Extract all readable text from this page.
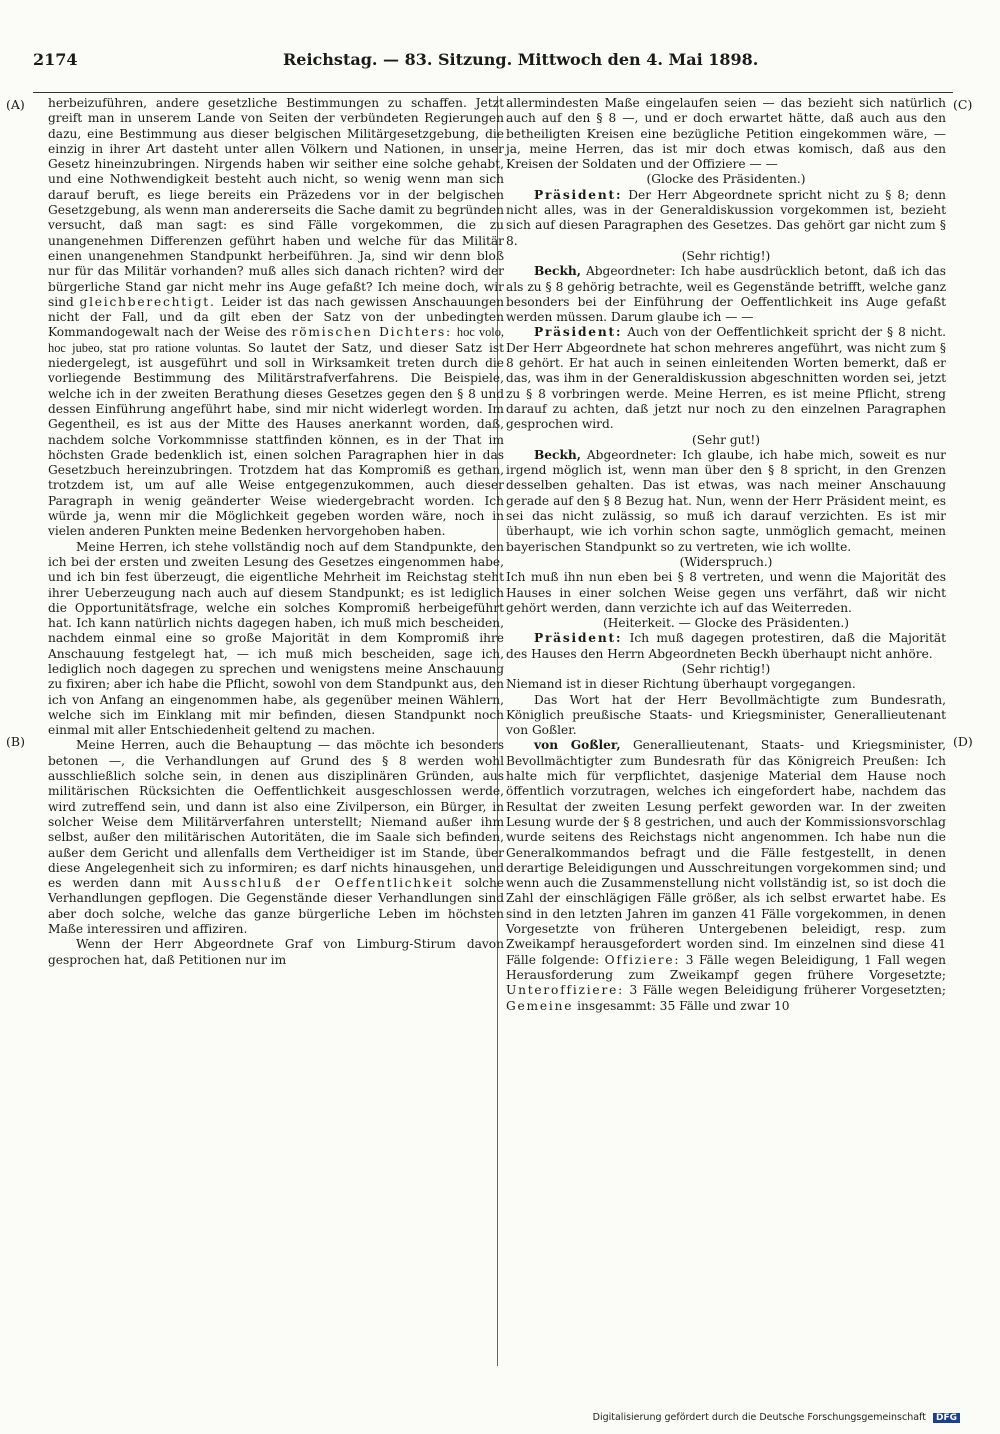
2174	Reichstag. — 83. Sitzung. Mittwoch den 4. Mai 1898.
(A)
(B)
(C)
(D)

herbeizuführen, andere gesetzliche Bestimmungen zu schaffen. Jetzt greift man in unserem Lande von Seiten der verbündeten Regierungen dazu, eine Bestimmung aus dieser belgischen Militärgesetzgebung, die einzig in ihrer Art dasteht unter allen Völkern und Nationen, in unser Gesetz hineinzubringen. Nirgends haben wir seither eine solche gehabt, und eine Nothwendigkeit besteht auch nicht, so wenig wenn man sich darauf beruft, es liege bereits ein Präzedens vor in der belgischen Gesetzgebung, als wenn man andererseits die Sache damit zu begründen versucht, daß man sagt: es sind Fälle vorgekommen, die zu unangenehmen Differenzen geführt haben und welche für das Militär einen unangenehmen Standpunkt herbeiführen. Ja, sind wir denn bloß nur für das Militär vorhanden? muß alles sich danach richten? wird der bürgerliche Stand gar nicht mehr ins Auge gefaßt? Ich meine doch, wir sind gleichberechtigt. Leider ist das nach gewissen Anschauungen nicht der Fall, und da gilt eben der Satz von der unbedingten Kommandogewalt nach der Weise des römischen Dichters: hoc volo, hoc jubeo, stat pro ratione voluntas. So lautet der Satz, und dieser Satz ist niedergelegt, ist ausgeführt und soll in Wirksamkeit treten durch die vorliegende Bestimmung des Militärstrafverfahrens. Die Beispiele, welche ich in der zweiten Berathung dieses Gesetzes gegen den § 8 und dessen Einführung angeführt habe, sind mir nicht widerlegt worden. Im Gegentheil, es ist aus der Mitte des Hauses anerkannt worden, daß, nachdem solche Vorkommnisse stattfinden können, es in der That im höchsten Grade bedenklich ist, einen solchen Paragraphen hier in das Gesetzbuch hereinzubringen. Trotzdem hat das Kompromiß es gethan, trotzdem ist, um auf alle Weise entgegenzukommen, auch dieser Paragraph in wenig geänderter Weise wiedergebracht worden. Ich würde ja, wenn mir die Möglichkeit gegeben worden wäre, noch in vielen anderen Punkten meine Bedenken hervorgehoben haben.

Meine Herren, ich stehe vollständig noch auf dem Standpunkte, den ich bei der ersten und zweiten Lesung des Gesetzes eingenommen habe, und ich bin fest überzeugt, die eigentliche Mehrheit im Reichstag steht ihrer Ueberzeugung nach auch auf diesem Standpunkt; es ist lediglich die Opportunitätsfrage, welche ein solches Kompromiß herbeigeführt hat. Ich kann natürlich nichts dagegen haben, ich muß mich bescheiden, nachdem einmal eine so große Majorität in dem Kompromiß ihre Anschauung festgelegt hat, — ich muß mich bescheiden, sage ich, lediglich noch dagegen zu sprechen und wenigstens meine Anschauung zu fixiren; aber ich habe die Pflicht, sowohl von dem Standpunkt aus, den ich von Anfang an eingenommen habe, als gegenüber meinen Wählern, welche sich im Einklang mit mir befinden, diesen Standpunkt noch einmal mit aller Entschiedenheit geltend zu machen.

Meine Herren, auch die Behauptung — das möchte ich besonders betonen —, die Verhandlungen auf Grund des § 8 werden wohl ausschließlich solche sein, in denen aus disziplinären Gründen, aus militärischen Rücksichten die Oeffentlichkeit ausgeschlossen werde, wird zutreffend sein, und dann ist also eine Zivilperson, ein Bürger, in solcher Weise dem Militärverfahren unterstellt; Niemand außer ihm selbst, außer den militärischen Autoritäten, die im Saale sich befinden, außer dem Gericht und allenfalls dem Vertheidiger ist im Stande, über diese Angelegenheit sich zu informiren; es darf nichts hinausgehen, und es werden dann mit Ausschluß der Oeffentlichkeit solche Verhandlungen gepflogen. Die Gegenstände dieser Verhandlungen sind aber doch solche, welche das ganze bürgerliche Leben im höchsten Maße interessiren und affiziren.

Wenn der Herr Abgeordnete Graf von Limburg-Stirum davon gesprochen hat, daß Petitionen nur im

allermindesten Maße eingelaufen seien — das bezieht sich natürlich auch auf den § 8 —, und er doch erwartet hätte, daß auch aus den betheiligten Kreisen eine bezügliche Petition eingekommen wäre, — ja, meine Herren, das ist mir doch etwas komisch, daß aus den Kreisen der Soldaten und der Offiziere — —

(Glocke des Präsidenten.)

Präsident: Der Herr Abgeordnete spricht nicht zu § 8; denn nicht alles, was in der Generaldiskussion vorgekommen ist, bezieht sich auf diesen Paragraphen des Gesetzes. Das gehört gar nicht zum § 8.

(Sehr richtig!)

Beckh, Abgeordneter: Ich habe ausdrücklich betont, daß ich das als zu § 8 gehörig betrachte, weil es Gegenstände betrifft, welche ganz besonders bei der Einführung der Oeffentlichkeit ins Auge gefaßt werden müssen. Darum glaube ich — —

Präsident: Auch von der Oeffentlichkeit spricht der § 8 nicht. Der Herr Abgeordnete hat schon mehreres angeführt, was nicht zum § 8 gehört. Er hat auch in seinen einleitenden Worten bemerkt, daß er das, was ihm in der Generaldiskussion abgeschnitten worden sei, jetzt zu § 8 vorbringen werde. Meine Herren, es ist meine Pflicht, streng darauf zu achten, daß jetzt nur noch zu den einzelnen Paragraphen gesprochen wird.

(Sehr gut!)

Beckh, Abgeordneter: Ich glaube, ich habe mich, soweit es nur irgend möglich ist, wenn man über den § 8 spricht, in den Grenzen desselben gehalten. Das ist etwas, was nach meiner Anschauung gerade auf den § 8 Bezug hat. Nun, wenn der Herr Präsident meint, es sei das nicht zulässig, so muß ich darauf verzichten. Es ist mir überhaupt, wie ich vorhin schon sagte, unmöglich gemacht, meinen bayerischen Standpunkt so zu vertreten, wie ich wollte.

(Widerspruch.)

Ich muß ihn nun eben bei § 8 vertreten, und wenn die Majorität des Hauses in einer solchen Weise gegen uns verfährt, daß wir nicht gehört werden, dann verzichte ich auf das Weiterreden.

(Heiterkeit. — Glocke des Präsidenten.)

Präsident: Ich muß dagegen protestiren, daß die Majorität des Hauses den Herrn Abgeordneten Beckh überhaupt nicht anhöre.

(Sehr richtig!)

Niemand ist in dieser Richtung überhaupt vorgegangen.

Das Wort hat der Herr Bevollmächtigte zum Bundesrath, Königlich preußische Staats- und Kriegsminister, Generallieutenant von Goßler.

von Goßler, Generallieutenant, Staats- und Kriegsminister, Bevollmächtigter zum Bundesrath für das Königreich Preußen: Ich halte mich für verpflichtet, dasjenige Material dem Hause noch öffentlich vorzutragen, welches ich eingefordert habe, nachdem das Resultat der zweiten Lesung perfekt geworden war. In der zweiten Lesung wurde der § 8 gestrichen, und auch der Kommissionsvorschlag wurde seitens des Reichstags nicht angenommen. Ich habe nun die Generalkommandos befragt und die Fälle festgestellt, in denen derartige Beleidigungen und Ausschreitungen vorgekommen sind; und wenn auch die Zusammenstellung nicht vollständig ist, so ist doch die Zahl der einschlägigen Fälle größer, als ich selbst erwartet habe. Es sind in den letzten Jahren im ganzen 41 Fälle vorgekommen, in denen Vorgesetzte von früheren Untergebenen beleidigt, resp. zum Zweikampf herausgefordert worden sind. Im einzelnen sind diese 41 Fälle folgende: Offiziere: 3 Fälle wegen Beleidigung, 1 Fall wegen Herausforderung zum Zweikampf gegen frühere Vorgesetzte; Unteroffiziere: 3 Fälle wegen Beleidigung früherer Vorgesetzten; Gemeine insgesammt: 35 Fälle und zwar 10

Digitalisierung gefördert durch die Deutsche Forschungsgemeinschaft DFG
